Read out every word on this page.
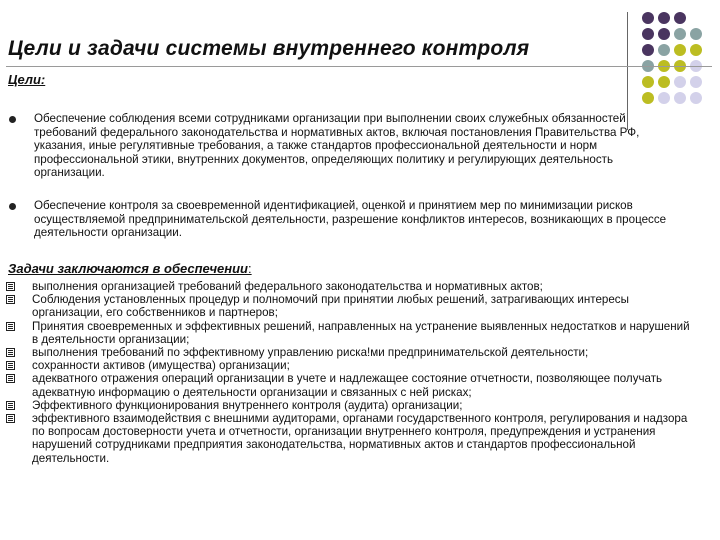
Цели и задачи системы внутреннего контроля
Цели:
Обеспечение соблюдения всеми сотрудниками организации при выполнении своих служебных обязанностей требований федерального законодательства и нормативных актов, включая постановления Правительства РФ, указания, иные регулятивные требования, а также стандартов профессиональной деятельности и норм профессиональной этики, внутренних документов, определяющих политику и регулирующих деятельность организации.
Обеспечение контроля за своевременной идентификацией, оценкой и принятием мер по минимизации рисков осуществляемой предпринимательской деятельности, разрешение конфликтов интересов, возникающих в процессе деятельности организации.
Задачи заключаются в обеспечении:
выполнения организацией требований федерального законодательства и нормативных актов;
Соблюдения установленных процедур и полномочий при принятии любых решений, затрагивающих интересы организации, его собственников и партнеров;
Принятия своевременных и эффективных решений, направленных на устранение выявленных недостатков и нарушений в деятельности организации;
выполнения требований по эффективному управлению риска!ми предпринимательской деятельности;
сохранности активов (имущества) организации;
адекватного отражения операций организации в учете и надлежащее состояние отчетности, позволяющее получать адекватную информацию о деятельности организации и связанных с ней рисках;
Эффективного функционирования внутреннего контроля (аудита) организации;
эффективного взаимодействия с внешними аудиторами, органами государственного контроля, регулирования и надзора по вопросам достоверности учета и отчетности, организации внутреннего контроля, предупреждения и устранения нарушений сотрудниками предприятия законодательства, нормативных актов и стандартов профессиональной деятельности.
